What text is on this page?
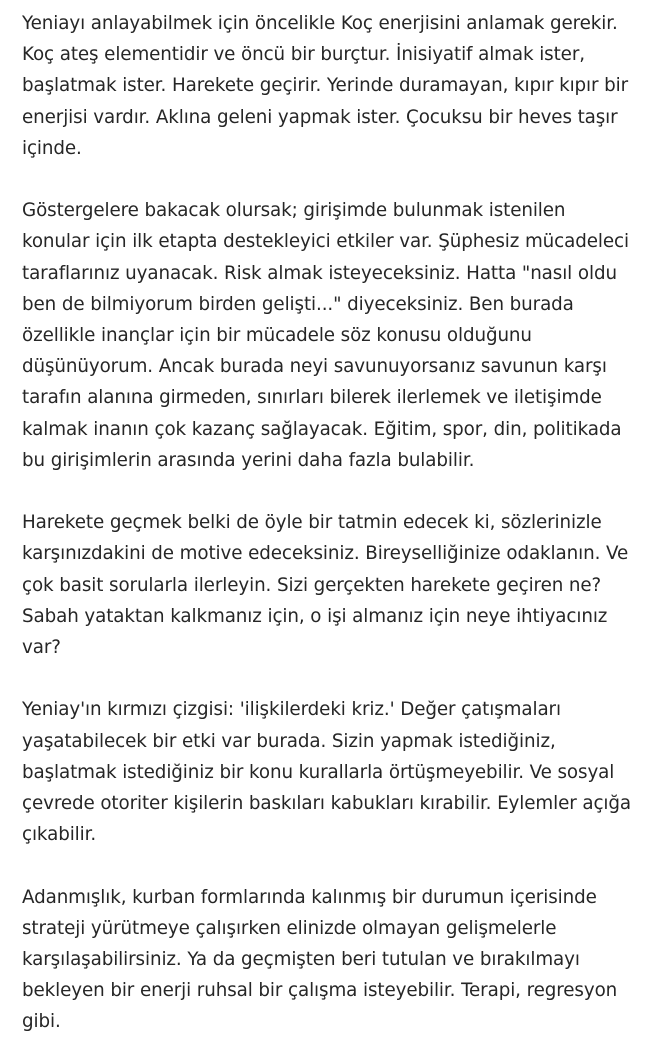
Yeniayı anlayabilmek için öncelikle Koç enerjisini anlamak gerekir. Koç ateş elementidir ve öncü bir burçtur. İnisiyatif almak ister, başlatmak ister. Harekete geçirir. Yerinde duramayan, kıpır kıpır bir enerjisi vardır. Aklına geleni yapmak ister. Çocuksu bir heves taşır içinde.

Göstergelere bakacak olursak; girişimde bulunmak istenilen konular için ilk etapta destekleyici etkiler var. Şüphesiz mücadeleci taraflarınız uyanacak. Risk almak isteyeceksiniz. Hatta "nasıl oldu ben de bilmiyorum birden gelişti..." diyeceksiniz. Ben burada özellikle inançlar için bir mücadele söz konusu olduğunu düşünüyorum. Ancak burada neyi savunuyorsanız savunun karşı tarafın alanına girmeden, sınırları bilerek ilerlemek ve iletişimde kalmak inanın çok kazanç sağlayacak. Eğitim, spor, din, politikada bu girişimlerin arasında yerini daha fazla bulabilir.

Harekete geçmek belki de öyle bir tatmin edecek ki, sözlerinizle karşınızdakini de motive edeceksiniz. Bireyselliğinize odaklanın. Ve çok basit sorularla ilerleyin. Sizi gerçekten harekete geçiren ne? Sabah yataktan kalkmanız için, o işi almanız için neye ihtiyacınız var?

Yeniay'ın kırmızı çizgisi: 'ilişkilerdeki kriz.' Değer çatışmaları yaşatabilecek bir etki var burada. Sizin yapmak istediğiniz, başlatmak istediğiniz bir konu kurallarla örtüşmeyebilir. Ve sosyal çevrede otoriter kişilerin baskıları kabukları kırabilir. Eylemler açığa çıkabilir.

Adanmışlık, kurban formlarında kalınmış bir durumun içerisinde strateji yürütmeye çalışırken elinizde olmayan gelişmelerle karşılaşabilirsiniz. Ya da geçmişten beri tutulan ve bırakılmayı bekleyen bir enerji ruhsal bir çalışma isteyebilir. Terapi, regresyon gibi.
